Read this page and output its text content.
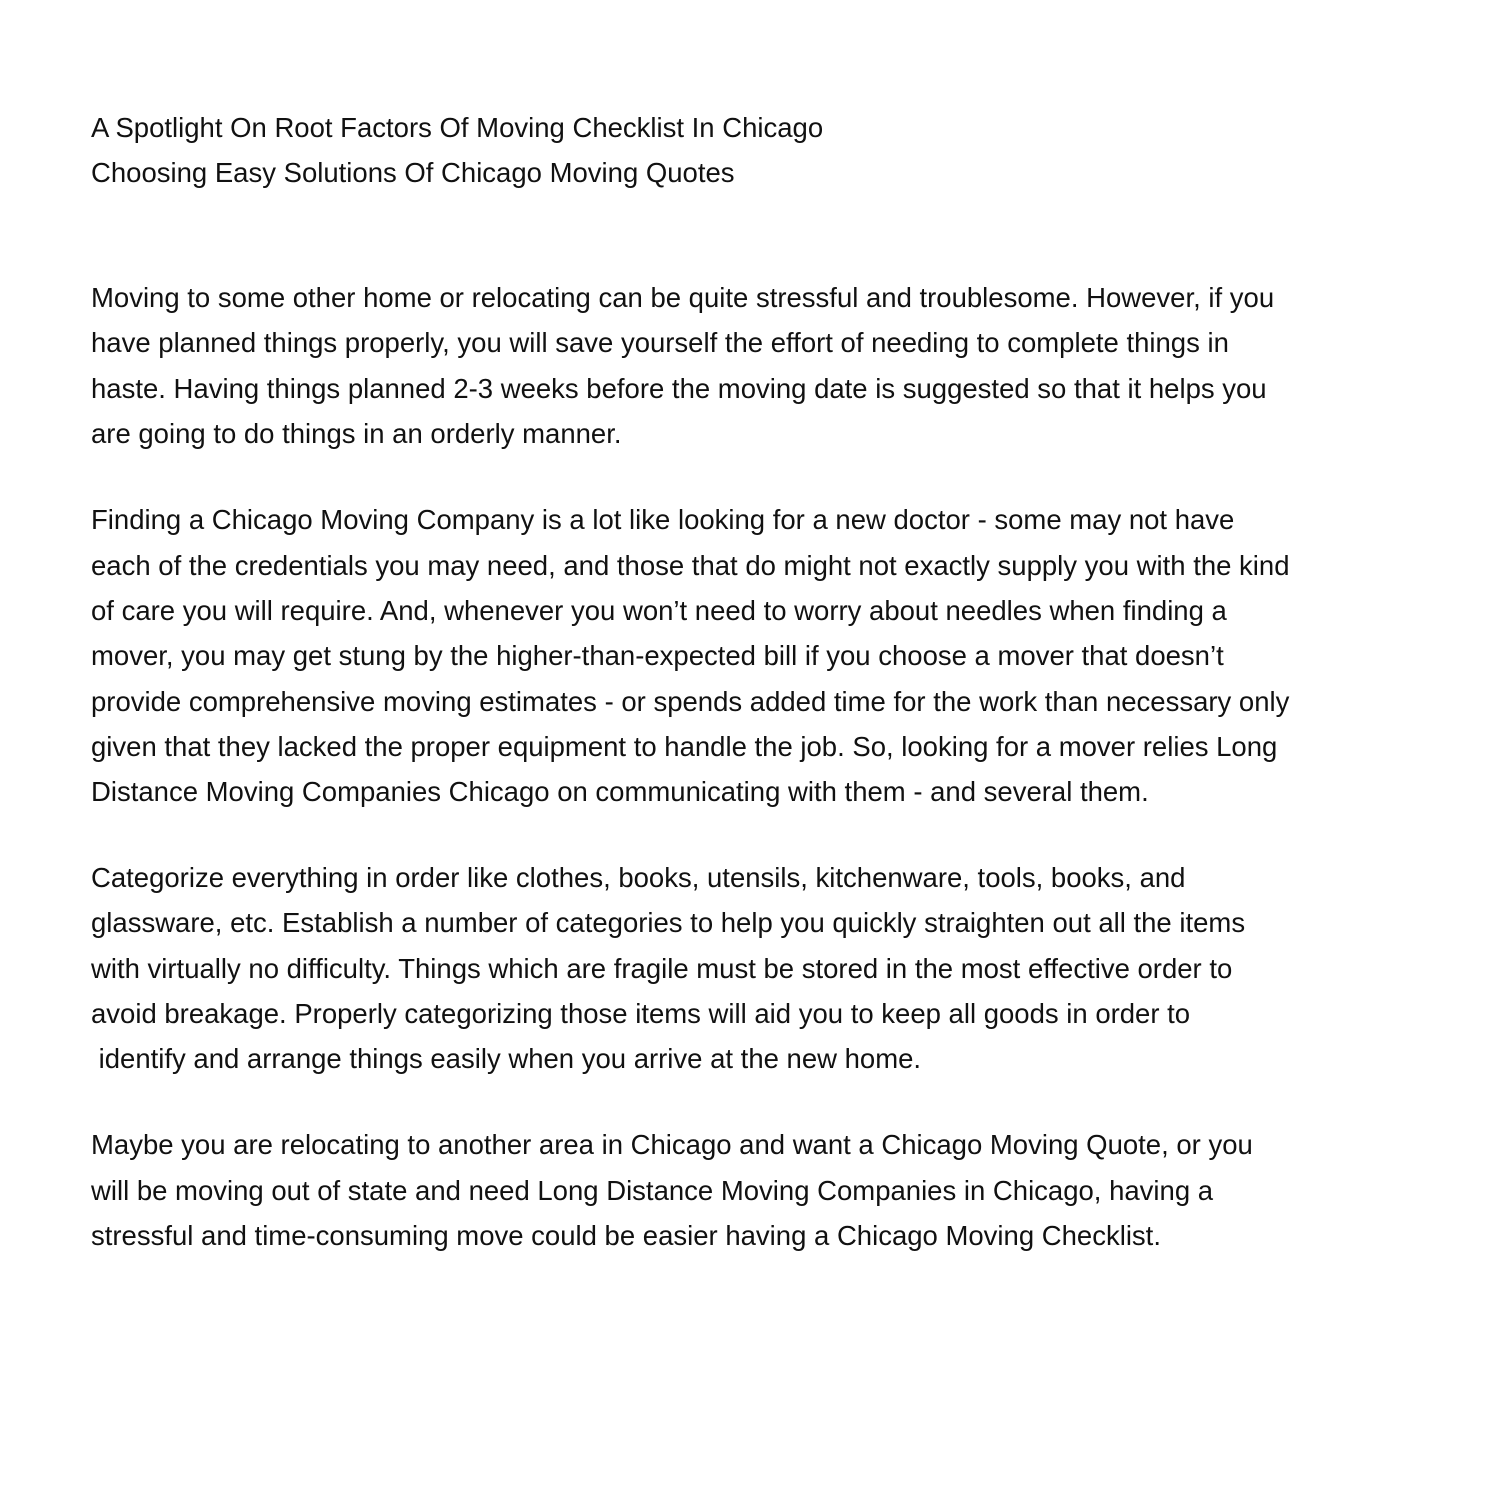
A Spotlight On Root Factors Of Moving Checklist In Chicago
Choosing Easy Solutions Of Chicago Moving Quotes
Moving to some other home or relocating can be quite stressful and troublesome. However, if you
have planned things properly, you will save yourself the effort of needing to complete things in
haste. Having things planned 2-3 weeks before the moving date is suggested so that it helps you
are going to do things in an orderly manner.
Finding a Chicago Moving Company is a lot like looking for a new doctor - some may not have
each of the credentials you may need, and those that do might not exactly supply you with the kind
of care you will require. And, whenever you won’t need to worry about needles when finding a
mover, you may get stung by the higher-than-expected bill if you choose a mover that doesn’t
provide comprehensive moving estimates - or spends added time for the work than necessary only
given that they lacked the proper equipment to handle the job. So, looking for a mover relies Long
Distance Moving Companies Chicago on communicating with them - and several them.
Categorize everything in order like clothes, books, utensils, kitchenware, tools, books, and
glassware, etc. Establish a number of categories to help you quickly straighten out all the items
with virtually no difficulty. Things which are fragile must be stored in the most effective order to
avoid breakage. Properly categorizing those items will aid you to keep all goods in order to
identify and arrange things easily when you arrive at the new home.
Maybe you are relocating to another area in Chicago and want a Chicago Moving Quote, or you
will be moving out of state and need Long Distance Moving Companies in Chicago, having a
stressful and time-consuming move could be easier having a Chicago Moving Checklist.
